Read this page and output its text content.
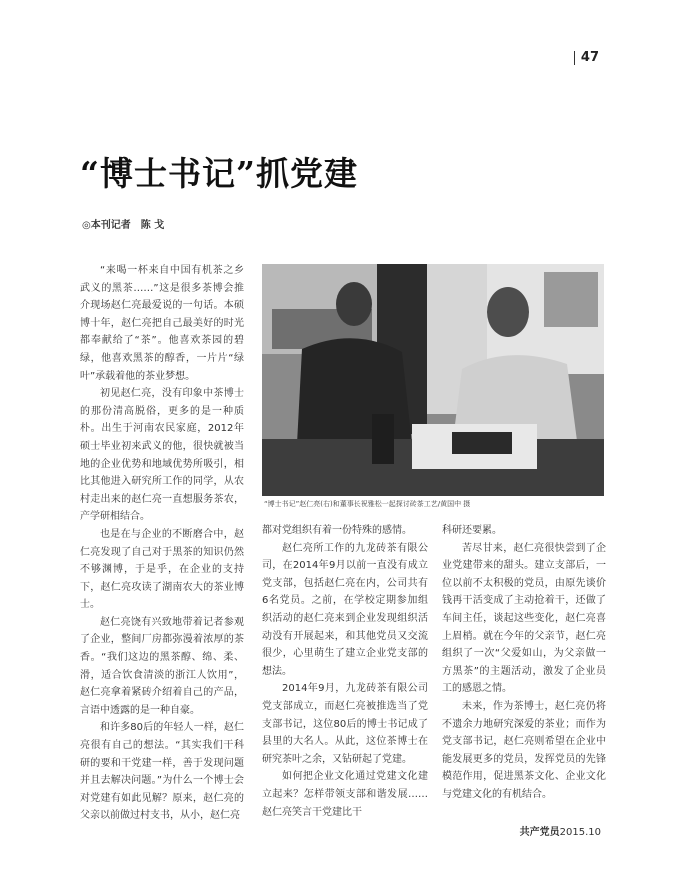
47
“博士书记”抓党建
◎本刊记者 陈 戈

“来喝一杯来自中国有机茶之乡武义的黑茶……”这是很多茶博会推介现场赵仁亮最爱说的一句话。本硕博十年，赵仁亮把自己最美好的时光都奉献给了“茶”。他喜欢茶园的碧绿，他喜欢黑茶的醇香，一片片“绿叶”承载着他的茶业梦想。

初见赵仁亮，没有印象中茶博士的那份清高脱俗，更多的是一种质朴。出生于河南农民家庭，2012年硕士毕业初来武义的他，很快就被当地的企业优势和地域优势所吸引，相比其他进入研究所工作的同学，从农村走出来的赵仁亮一直想服务茶农，产学研相结合。

也是在与企业的不断磨合中，赵仁亮发现了自己对于黑茶的知识仍然不够渊博，于是乎，在企业的支持下，赵仁亮攻读了湖南农大的茶业博士。

赵仁亮饶有兴致地带着记者参观了企业，整间厂房都弥漫着浓厚的茶香。“我们这边的黑茶醇、绵、柔、滑，适合饮食清淡的浙江人饮用”，赵仁亮拿着紧砖介绍着自己的产品，言语中透露的是一种自豪。

和许多80后的年轻人一样，赵仁亮很有自己的想法。“其实我们干科研的要和干党建一样，善于发现问题并且去解决问题。”为什么一个博士会对党建有如此见解？原来，赵仁亮的父亲以前做过村支书，从小，赵仁亮

“博士书记”赵仁亮(右)和董事长祝雅松一起探讨砖茶工艺/黄国中 摄

都对党组织有着一份特殊的感情。

赵仁亮所工作的九龙砖茶有限公司，在2014年9月以前一直没有成立党支部，包括赵仁亮在内，公司共有6名党员。之前，在学校定期参加组织活动的赵仁亮来到企业发现组织活动没有开展起来，和其他党员又交流很少，心里萌生了建立企业党支部的想法。

2014年9月，九龙砖茶有限公司党支部成立，而赵仁亮被推选当了党支部书记，这位80后的博士书记成了县里的大名人。从此，这位茶博士在研究茶叶之余，又钻研起了党建。

如何把企业文化通过党建文化建立起来？怎样带领支部和谐发展……赵仁亮笑言干党建比干

科研还要累。

苦尽甘来，赵仁亮很快尝到了企业党建带来的甜头。建立支部后，一位以前不太积极的党员，由原先谈价钱再干活变成了主动抢着干，还做了车间主任，谈起这些变化，赵仁亮喜上眉梢。就在今年的父亲节，赵仁亮组织了一次“父爱如山，为父亲做一方黑茶”的主题活动，激发了企业员工的感恩之情。

未来，作为茶博士，赵仁亮仍将不遗余力地研究深爱的茶业；而作为党支部书记，赵仁亮则希望在企业中能发展更多的党员，发挥党员的先锋模范作用，促进黑茶文化、企业文化与党建文化的有机结合。

共产党员2015.10
